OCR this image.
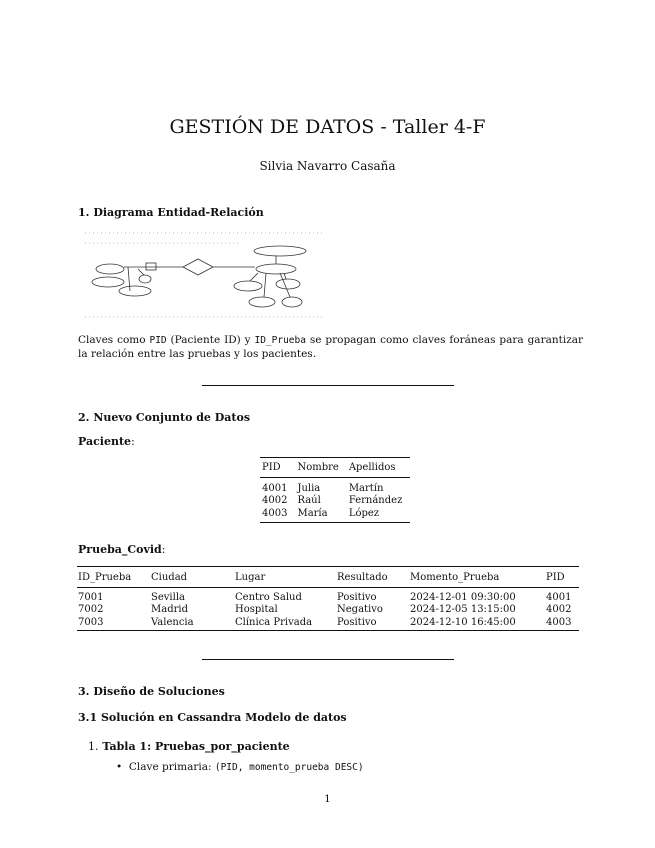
GESTIÓN DE DATOS - Taller 4-F
Silvia Navarro Casaña
1. Diagrama Entidad-Relación
Claves como PID (Paciente ID) y ID_Prueba se propagan como claves foráneas para garantizar la relación entre las pruebas y los pacientes.
2. Nuevo Conjunto de Datos
Paciente:
PID	Nombre	Apellidos
4001	Julia	Martín
4002	Raúl	Fernández
4003	María	López
Prueba_Covid:
ID_Prueba	Ciudad	Lugar	Resultado	Momento_Prueba	PID
7001	Sevilla	Centro Salud	Positivo	2024-12-01 09:30:00	4001
7002	Madrid	Hospital	Negativo	2024-12-05 13:15:00	4002
7003	Valencia	Clínica Privada	Positivo	2024-12-10 16:45:00	4003
3. Diseño de Soluciones
3.1 Solución en Cassandra Modelo de datos
1. Tabla 1: Pruebas_por_paciente
• Clave primaria: (PID, momento_prueba DESC)
1
